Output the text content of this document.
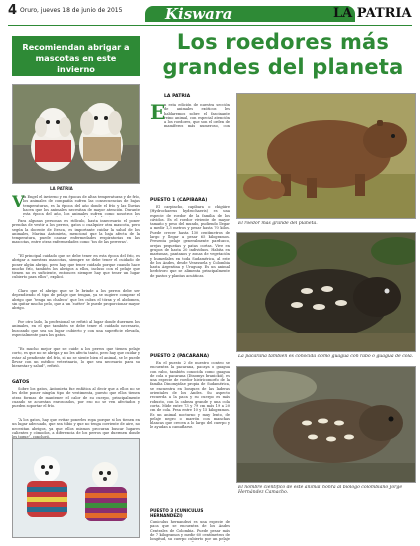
4 Oruro, jueves 18 de junio de 2015	Kiswara	LA PATRIA
Recomiendan abrigar a mascotas en este invierno
LA PATRIA
V
ía Engel el invierno y en épocas de altas temperaturas y de frío, los animales de compañía sufren las consecuencias de bajas temperaturas, es la época del año donde el frío y las lluvias hacen que los animales necesitan de mayor atención. Durante esta época del año, los animales sufren como nosotros los
Para algunas personas es ridículo, hasta innecesario el poner prendas de vestir a los perros, gatos o cualquier otra mascota, pero según la docente de Itesca, es importante cuidar la salud de los animales, Marina Antonieta, mencionó que la baja afecta de la temperatura, puede causar enfermedades respiratorias en las mascotas, entre otras enfermedades como ‘tos de las perreras’.
“El principal cuidado que se debe tener en esta época del frío, es abrigar a nuestras mascotas, siempre se debe tener el cuidado de poner algún abrigo, pero hay que tener cuidado porque cuando hace mucho frío, también los abrigos a ellos, incluso con el pelaje que tienen no es suficiente, entonces siempre hay que tener un lugar cubierto para ellos”, explicó.
Claro que el abrigo que se le brinde a los perros debe ser dependiendo el tipo de pelaje que tengan, ya se sugiere comprar el abrigo que ‘tenga un chaleco’ que les cubra el tórax y el abdomen, sin quitar mucho pelo, que a un ‘suéter’ le puede proporcionar mayor abrigo.
Por otro lado, la profesional se refirió al lugar donde duermen los animales, en el que también se debe tener el cuidado necesario, buscando que sea un lugar cubierto y con una superficie elevada, especialmente para los gatos.
“Es mucho mejor que se cuide a los perros que tienen pelaje corto, es que no se abriga y no les afecta tanto, pero hay que cuidar y estar al pendiente del frío, si no se siente bien el animal, se le puede llevar con un médico veterinario, lo que sea necesario para su bienestar y salud”, refirió.
GATOS
Sobre los gatos, Antonieta fue enfática al decir que a ellos no se les debe poner ningún tipo de vestimenta, puesto que ellos tienen otras formas de mantener el calor de su cuerpo, principalmente cuando se acuestan enroscados, por eso no se ven afectados y pueden soportar el frío.
“A los gatos, hay que evitar ponerles ropa porque si los tienen en un lugar adecuado, que sea tibio y que no tenga corriente de aire, no necesitan abrigos, ya que ellos mismos procuran buscar lugares calientes y cómodos, a diferencia de los perros que duermen donde
Los roedores más grandes del planeta
LA PATRIA
E
n esta edición de nuestra sección de animales exóticos les hablaremos sobre el fascinante reino animal, con especial atención a los roedores, que son el orden de mamíferos más numeroso, con
PUESTO 1 (CAPIBARA)
El carpincho, capibara o chigüire (Hydrochaerus hydrochaeris) es una especie de roedor de la familia de los cávidos. Es el roedor viviente de mayor tamaño y peso del mundo, pudiendo llegar a medir 1,3 metros y pesar hasta 70 kilos. Puede crecer hasta 130 centímetros de largo y llegar a pesar 65 kilogramos. Presenta pelaje generalmente parduzco, orejas pequeñas y patas cortas. Vive en grupos de hasta 20 individuos. Habita en marismas, pantanos y zonas de vegetación y humedales en toda Sudamérica, al este de los Andes, desde Venezuela y Colombia hasta Argentina y Uruguay. Es un animal herbívoro que se alimenta principalmente de pastos y plantas acuáticas.
PUESTO 2 (PACARANA)
En el puesto 2 de nuestro conteo se encuentra la pacarana, pacaya o guagua con rabo, también conocida como guagua de cola o pacarana (Dinomys branickii), es una especie de roedor histricomorfo de la familia Dinomyidae propia de Sudamérica, se encuentra en bosques de las laderas orientales de los Andes. Su aspecto recuerda a la paca y su cuerpo es más robusto, con la cabeza grande y una cola corta. Mide entre 73 y 79 cm más 19 a 20 cm de cola. Pesa entre 10 y 15 kilogramos. Es un animal nocturno y muy lento, de pelaje negro o marrón con manchas blancas que crecen a lo largo del cuerpo y le ayudan a camuflarse.
El roedor más grande del planeta.
La pacarana también es conocida como guagua con rabo o guagua de cola.
El nombre científico de este animal honra al biólogo colombiano Jorge Hernández Camacho.
PUESTO 3 (CUNICULUS HERNANDEZI)
Cuniculus hernandezi es una especie de paca que se encuentra de los Andes Centrales de Colombia. Puede pesar más de 7 kilogramos y medir 60 centímetros de longitud, su cuerpo cubierto por un pelaje
